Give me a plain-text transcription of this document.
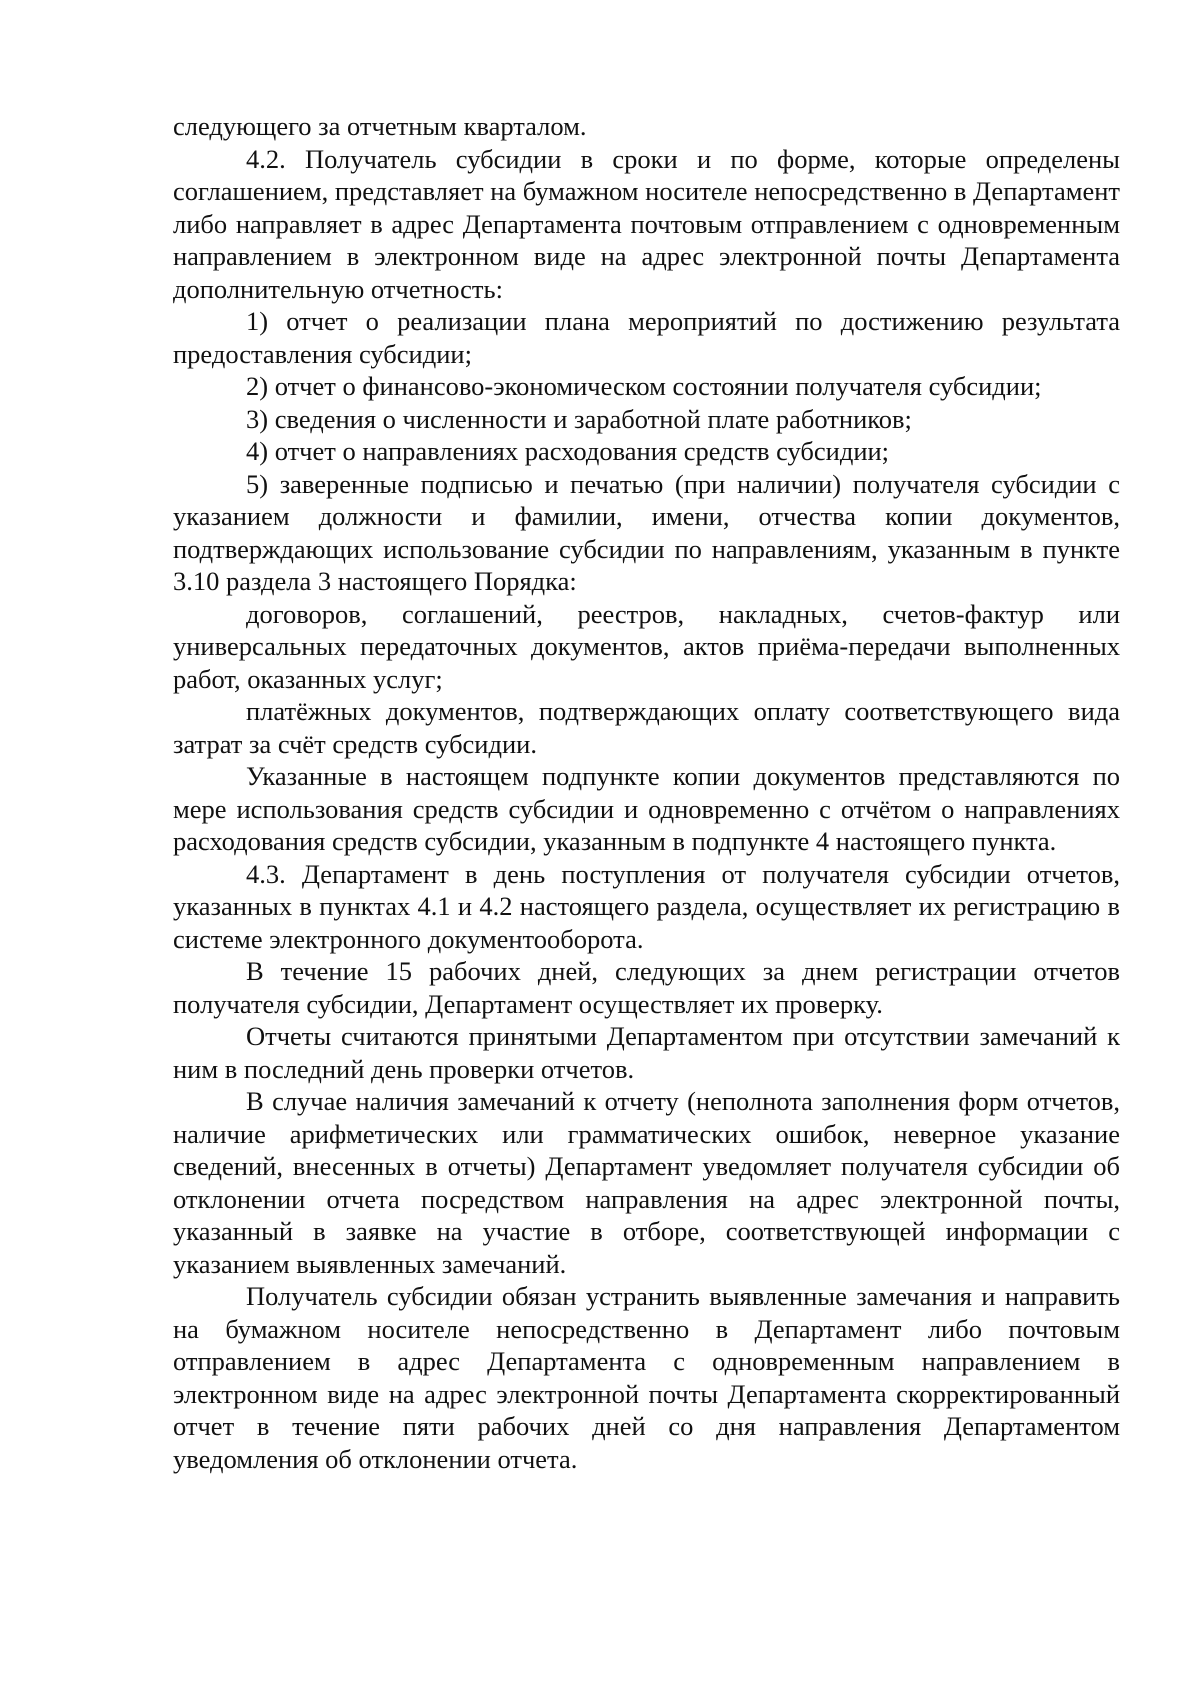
следующего за отчетным кварталом.

4.2. Получатель субсидии в сроки и по форме, которые определены соглашением, представляет на бумажном носителе непосредственно в Департамент либо направляет в адрес Департамента почтовым отправлением с одновременным направлением в электронном виде на адрес электронной почты Департамента дополнительную отчетность:

1) отчет о реализации плана мероприятий по достижению результата предоставления субсидии;

2) отчет о финансово-экономическом состоянии получателя субсидии;

3) сведения о численности и заработной плате работников;

4) отчет о направлениях расходования средств субсидии;

5) заверенные подписью и печатью (при наличии) получателя субсидии с указанием должности и фамилии, имени, отчества копии документов, подтверждающих использование субсидии по направлениям, указанным в пункте 3.10 раздела 3 настоящего Порядка:

договоров, соглашений, реестров, накладных, счетов-фактур или универсальных передаточных документов, актов приёма-передачи выполненных работ, оказанных услуг;

платёжных документов, подтверждающих оплату соответствующего вида затрат за счёт средств субсидии.

Указанные в настоящем подпункте копии документов представляются по мере использования средств субсидии и одновременно с отчётом о направлениях расходования средств субсидии, указанным в подпункте 4 настоящего пункта.

4.3. Департамент в день поступления от получателя субсидии отчетов, указанных в пунктах 4.1 и 4.2 настоящего раздела, осуществляет их регистрацию в системе электронного документооборота.

В течение 15 рабочих дней, следующих за днем регистрации отчетов получателя субсидии, Департамент осуществляет их проверку.

Отчеты считаются принятыми Департаментом при отсутствии замечаний к ним в последний день проверки отчетов.

В случае наличия замечаний к отчету (неполнота заполнения форм отчетов, наличие арифметических или грамматических ошибок, неверное указание сведений, внесенных в отчеты) Департамент уведомляет получателя субсидии об отклонении отчета посредством направления на адрес электронной почты, указанный в заявке на участие в отборе, соответствующей информации с указанием выявленных замечаний.

Получатель субсидии обязан устранить выявленные замечания и направить на бумажном носителе непосредственно в Департамент либо почтовым отправлением в адрес Департамента с одновременным направлением в электронном виде на адрес электронной почты Департамента скорректированный отчет в течение пяти рабочих дней со дня направления Департаментом уведомления об отклонении отчета.
